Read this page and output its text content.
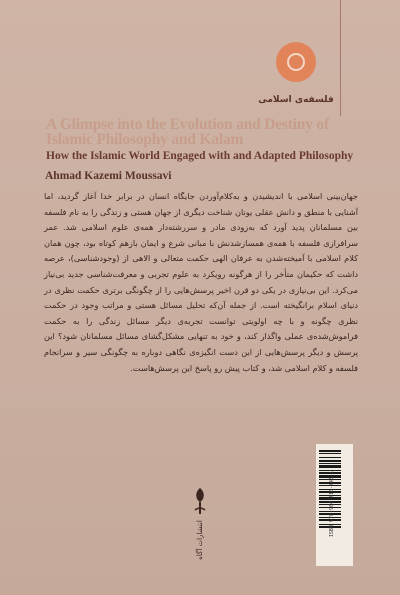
فلسفه‌ی اسلامی
A Glimpse into the Evolution and Destiny of Islamic Philosophy and Kalam
How the Islamic World Engaged with and Adapted Philosophy
Ahmad Kazemi Moussavi
جهان‌بینی اسلامی با اندیشیدن و به‌کلام‌آوردن جایگاه انسان در برابر خدا آغاز گردید، اما آشنایی با منطق و دانش عقلی یونان شناخت دیگری از جهان هستی و زندگی را به نام فلسفه بین مسلمانان پدید آورد که به‌زودی مادر و سررشته‌دار همه‌ی علوم اسلامی شد. عمر سرافرازی فلسفه با همه‌ی همسازشدنش با مبانی شرع و ایمان بازهم کوتاه بود، چون همان کلام اسلامی با آمیخته‌شدن به عرفان الهی حکمت متعالی و الاهی از (وجودشناسی)، عرصه داشت که حکیمان متأخر را از هرگونه رویکرد به علوم تجربی و معرفت‌شناسی جدید بی‌نیاز می‌کرد. این بی‌نیازی در یکی دو قرن اخیر پرسش‌هایی را از چگونگی برتری حکمت نظری در دنیای اسلام برانگیخته است. از جمله آن‌که تحلیل مسائل هستی و مراتب وجود در حکمت نظری چگونه و با چه اولویتی توانست تجربه‌ی دیگر مسائل زندگی را به حکمت فراموش‌شده‌ی عملی واگذار کند، و خود به تنهایی مشکل‌گشای مسائل مسلمانان شود؟ این پرسش و دیگر پرسش‌هایی از این دست انگیزه‌ی نگاهی دوباره به چگونگی سیر و سرانجام فلسفه و کلام اسلامی شد، و کتاب پیش رو پاسخ این پرسش‌هاست.
انتشارات آگاه
ISBN 978-964-416-445-1
